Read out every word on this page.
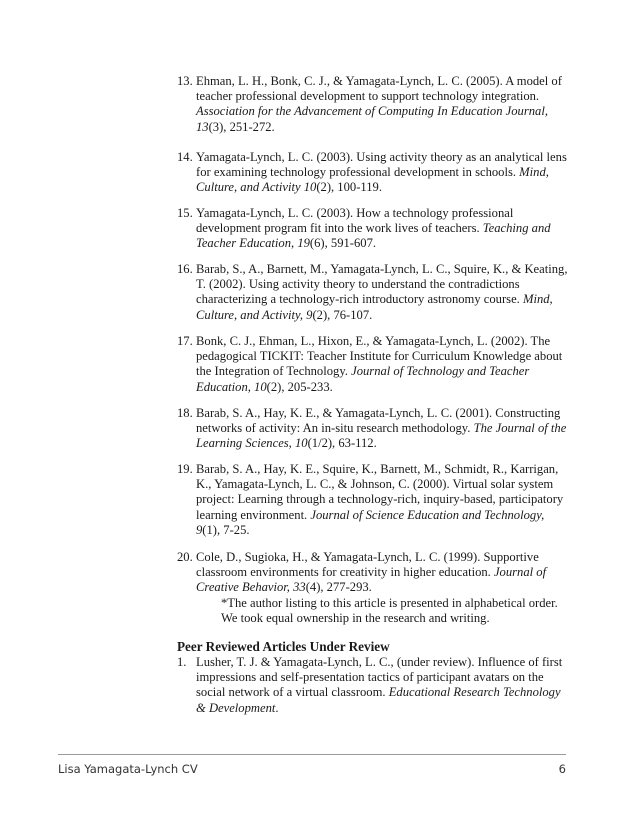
13. Ehman, L. H., Bonk, C. J., & Yamagata-Lynch, L. C. (2005). A model of teacher professional development to support technology integration. Association for the Advancement of Computing In Education Journal, 13(3), 251-272.
14. Yamagata-Lynch, L. C. (2003). Using activity theory as an analytical lens for examining technology professional development in schools. Mind, Culture, and Activity 10(2), 100-119.
15. Yamagata-Lynch, L. C. (2003). How a technology professional development program fit into the work lives of teachers. Teaching and Teacher Education, 19(6), 591-607.
16. Barab, S., A., Barnett, M., Yamagata-Lynch, L. C., Squire, K., & Keating, T. (2002). Using activity theory to understand the contradictions characterizing a technology-rich introductory astronomy course. Mind, Culture, and Activity, 9(2), 76-107.
17. Bonk, C. J., Ehman, L., Hixon, E., & Yamagata-Lynch, L. (2002). The pedagogical TICKIT: Teacher Institute for Curriculum Knowledge about the Integration of Technology. Journal of Technology and Teacher Education, 10(2), 205-233.
18. Barab, S. A., Hay, K. E., & Yamagata-Lynch, L. C. (2001). Constructing networks of activity: An in-situ research methodology. The Journal of the Learning Sciences, 10(1/2), 63-112.
19. Barab, S. A., Hay, K. E., Squire, K., Barnett, M., Schmidt, R., Karrigan, K., Yamagata-Lynch, L. C., & Johnson, C. (2000). Virtual solar system project: Learning through a technology-rich, inquiry-based, participatory learning environment. Journal of Science Education and Technology, 9(1), 7-25.
20. Cole, D., Sugioka, H., & Yamagata-Lynch, L. C. (1999). Supportive classroom environments for creativity in higher education. Journal of Creative Behavior, 33(4), 277-293.
*The author listing to this article is presented in alphabetical order. We took equal ownership in the research and writing.
Peer Reviewed Articles Under Review
1. Lusher, T. J. & Yamagata-Lynch, L. C., (under review). Influence of first impressions and self-presentation tactics of participant avatars on the social network of a virtual classroom. Educational Research Technology & Development.
Lisa Yamagata-Lynch CV	6
